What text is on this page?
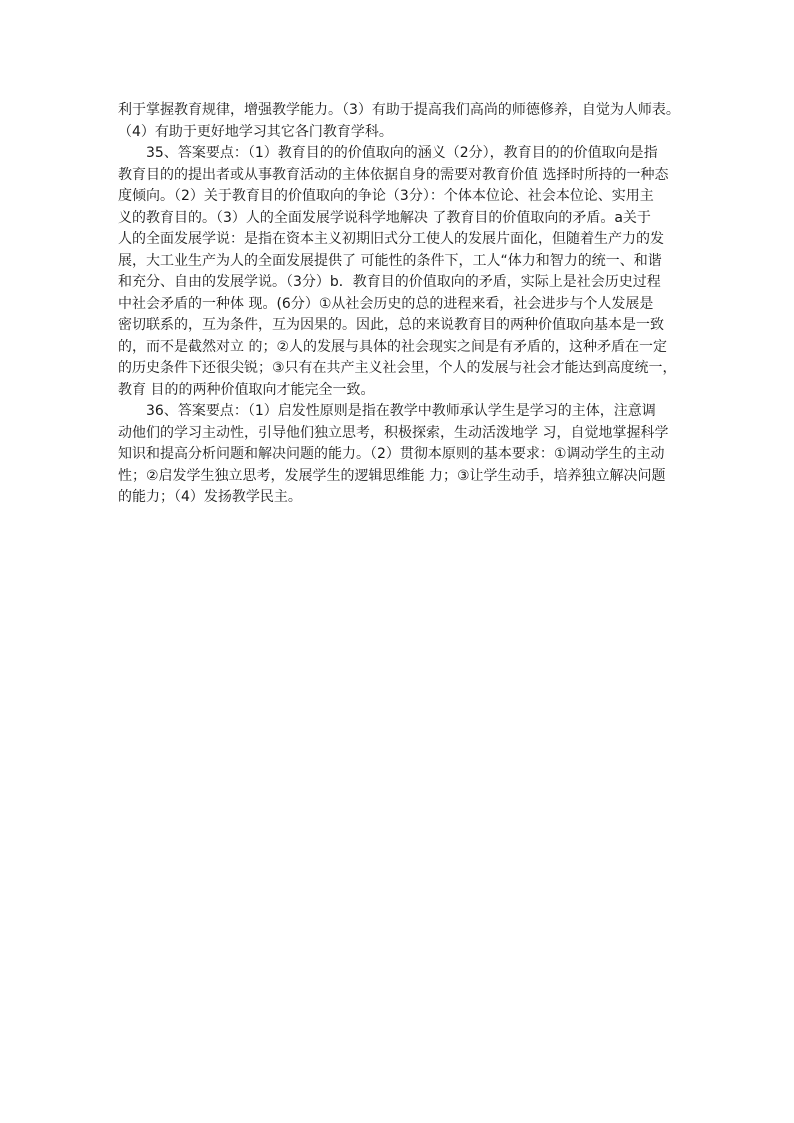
利于掌握教育规律，增强教学能力。（3）有助于提高我们高尚的师德修养，自觉为人师表。
（4）有助于更好地学习其它各门教育学科。
35、答案要点：（1）教育目的的价值取向的涵义（2分），教育目的的价值取向是指
教育目的的提出者或从事教育活动的主体依据自身的需要对教育价值 选择时所持的一种态
度倾向。（2）关于教育目的价值取向的争论（3分）：个体本位论、社会本位论、实用主
义的教育目的。（3）人的全面发展学说科学地解决 了教育目的价值取向的矛盾。a关于
人的全面发展学说：是指在资本主义初期旧式分工使人的发展片面化，但随着生产力的发
展，大工业生产为人的全面发展提供了 可能性的条件下，工人“体力和智力的统一、和谐
和充分、自由的发展学说。（3分）b．教育目的价值取向的矛盾，实际上是社会历史过程
中社会矛盾的一种体 现。(6分）①从社会历史的总的进程来看，社会进步与个人发展是
密切联系的，互为条件，互为因果的。因此，总的来说教育目的两种价值取向基本是一致
的，而不是截然对立 的；②人的发展与具体的社会现实之间是有矛盾的，这种矛盾在一定
的历史条件下还很尖锐；③只有在共产主义社会里，个人的发展与社会才能达到高度统一，
教育 目的的两种价值取向才能完全一致。
36、答案要点：（1）启发性原则是指在教学中教师承认学生是学习的主体，注意调
动他们的学习主动性，引导他们独立思考，积极探索，生动活泼地学 习，自觉地掌握科学
知识和提高分析问题和解决问题的能力。（2）贯彻本原则的基本要求：①调动学生的主动
性；②启发学生独立思考，发展学生的逻辑思维能 力；③让学生动手，培养独立解决问题
的能力；（4）发扬教学民主。
